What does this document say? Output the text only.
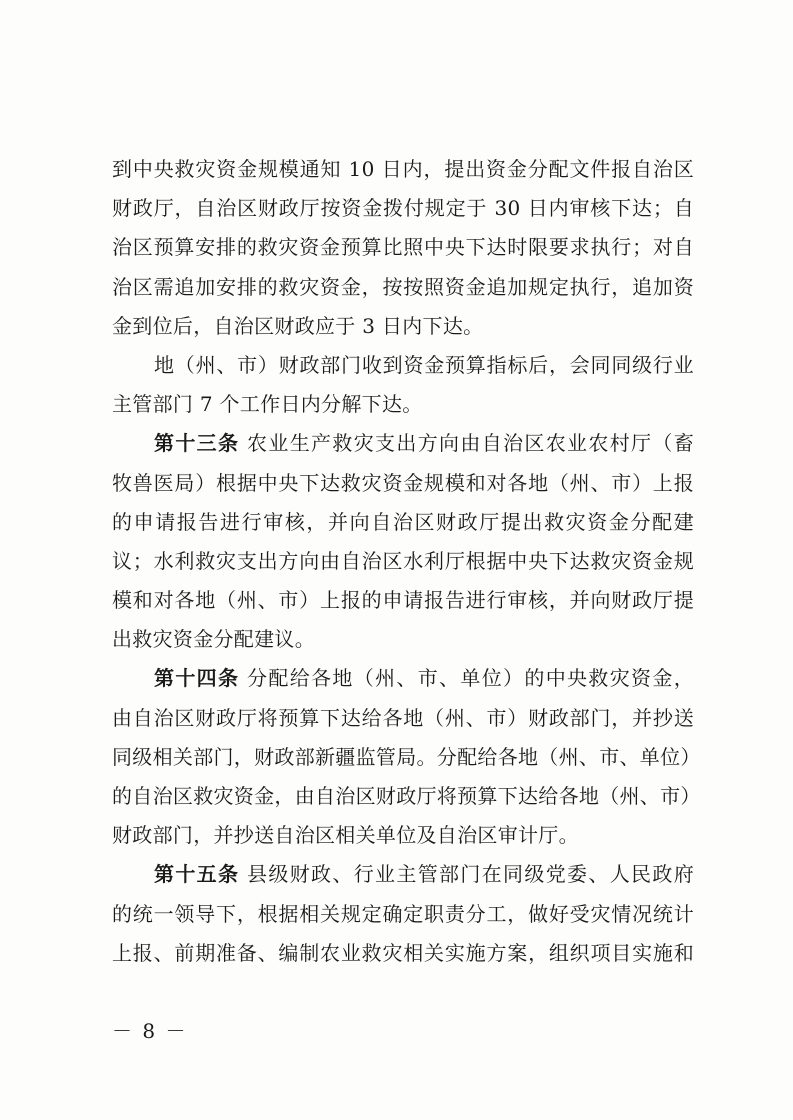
到中央救灾资金规模通知 10 日内，提出资金分配文件报自治区
财政厅，自治区财政厅按资金拨付规定于 30 日内审核下达；自
治区预算安排的救灾资金预算比照中央下达时限要求执行；对自
治区需追加安排的救灾资金，按按照资金追加规定执行，追加资
金到位后，自治区财政应于 3 日内下达。
地（州、市）财政部门收到资金预算指标后，会同同级行业
主管部门 7 个工作日内分解下达。
第十三条 农业生产救灾支出方向由自治区农业农村厅（畜
牧兽医局）根据中央下达救灾资金规模和对各地（州、市）上报
的申请报告进行审核，并向自治区财政厅提出救灾资金分配建
议；水利救灾支出方向由自治区水利厅根据中央下达救灾资金规
模和对各地（州、市）上报的申请报告进行审核，并向财政厅提
出救灾资金分配建议。
第十四条 分配给各地（州、市、单位）的中央救灾资金，
由自治区财政厅将预算下达给各地（州、市）财政部门，并抄送
同级相关部门，财政部新疆监管局。分配给各地（州、市、单位）
的自治区救灾资金，由自治区财政厅将预算下达给各地（州、市）
财政部门，并抄送自治区相关单位及自治区审计厅。
第十五条 县级财政、行业主管部门在同级党委、人民政府
的统一领导下，根据相关规定确定职责分工，做好受灾情况统计
上报、前期准备、编制农业救灾相关实施方案，组织项目实施和
－ 8 －
